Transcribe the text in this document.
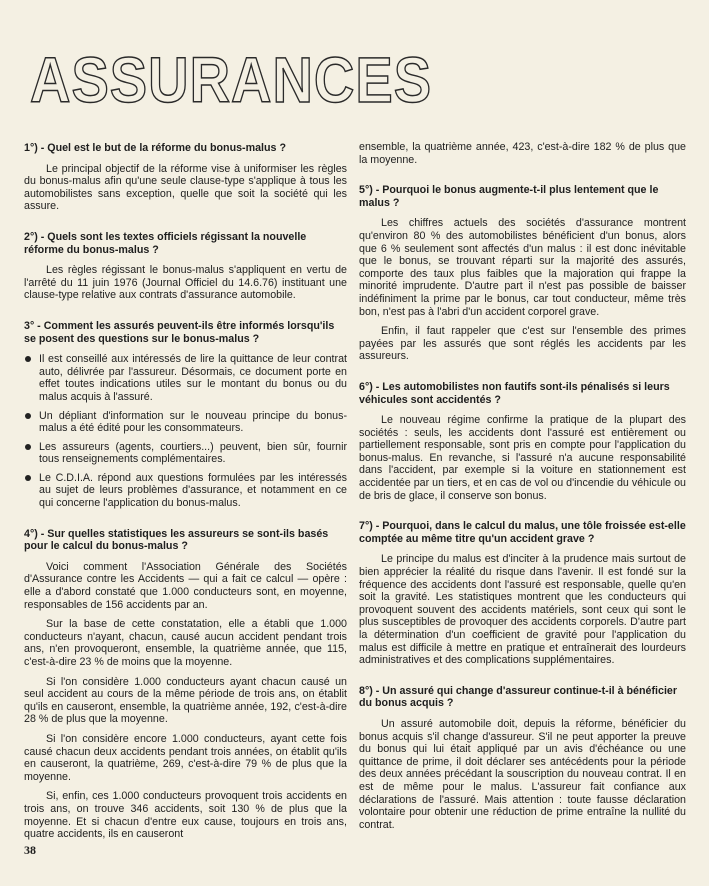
ASSURANCES
1°) - Quel est le but de la réforme du bonus-malus ?
Le principal objectif de la réforme vise à uniformiser les règles du bonus-malus afin qu'une seule clause-type s'applique à tous les automobilistes sans exception, quelle que soit la société qui les assure.
2°) - Quels sont les textes officiels régissant la nouvelle réforme du bonus-malus ?
Les règles régissant le bonus-malus s'appliquent en vertu de l'arrêté du 11 juin 1976 (Journal Officiel du 14.6.76) instituant une clause-type relative aux contrats d'assurance automobile.
3° - Comment les assurés peuvent-ils être informés lorsqu'ils se posent des questions sur le bonus-malus ?
Il est conseillé aux intéressés de lire la quittance de leur contrat auto, délivrée par l'assureur. Désormais, ce document porte en effet toutes indications utiles sur le montant du bonus ou du malus acquis à l'assuré.
Un dépliant d'information sur le nouveau principe du bonus-malus a été édité pour les consommateurs.
Les assureurs (agents, courtiers...) peuvent, bien sûr, fournir tous renseignements complémentaires.
Le C.D.I.A. répond aux questions formulées par les intéressés au sujet de leurs problèmes d'assurance, et notamment en ce qui concerne l'application du bonus-malus.
4°) - Sur quelles statistiques les assureurs se sont-ils basés pour le calcul du bonus-malus ?
Voici comment l'Association Générale des Sociétés d'Assurance contre les Accidents — qui a fait ce calcul — opère : elle a d'abord constaté que 1.000 conducteurs sont, en moyenne, responsables de 156 accidents par an.
Sur la base de cette constatation, elle a établi que 1.000 conducteurs n'ayant, chacun, causé aucun accident pendant trois ans, n'en provoqueront, ensemble, la quatrième année, que 115, c'est-à-dire 23 % de moins que la moyenne.
Si l'on considère 1.000 conducteurs ayant chacun causé un seul accident au cours de la même période de trois ans, on établit qu'ils en causeront, ensemble, la quatrième année, 192, c'est-à-dire 28 % de plus que la moyenne.
Si l'on considère encore 1.000 conducteurs, ayant cette fois causé chacun deux accidents pendant trois années, on établit qu'ils en causeront, la quatrième, 269, c'est-à-dire 79 % de plus que la moyenne.
Si, enfin, ces 1.000 conducteurs provoquent trois accidents en trois ans, on trouve 346 accidents, soit 130 % de plus que la moyenne. Et si chacun d'entre eux cause, toujours en trois ans, quatre accidents, ils en causeront
ensemble, la quatrième année, 423, c'est-à-dire 182 % de plus que la moyenne.
5°) - Pourquoi le bonus augmente-t-il plus lentement que le malus ?
Les chiffres actuels des sociétés d'assurance montrent qu'environ 80 % des automobilistes bénéficient d'un bonus, alors que 6 % seulement sont affectés d'un malus : il est donc inévitable que le bonus, se trouvant réparti sur la majorité des assurés, comporte des taux plus faibles que la majoration qui frappe la minorité imprudente. D'autre part il n'est pas possible de baisser indéfiniment la prime par le bonus, car tout conducteur, même très bon, n'est pas à l'abri d'un accident corporel grave.
Enfin, il faut rappeler que c'est sur l'ensemble des primes payées par les assurés que sont réglés les accidents par les assureurs.
6°) - Les automobilistes non fautifs sont-ils pénalisés si leurs véhicules sont accidentés ?
Le nouveau régime confirme la pratique de la plupart des sociétés : seuls, les accidents dont l'assuré est entièrement ou partiellement responsable, sont pris en compte pour l'application du bonus-malus. En revanche, si l'assuré n'a aucune responsabilité dans l'accident, par exemple si la voiture en stationnement est accidentée par un tiers, et en cas de vol ou d'incendie du véhicule ou de bris de glace, il conserve son bonus.
7°) - Pourquoi, dans le calcul du malus, une tôle froissée est-elle comptée au même titre qu'un accident grave ?
Le principe du malus est d'inciter à la prudence mais surtout de bien apprécier la réalité du risque dans l'avenir. Il est fondé sur la fréquence des accidents dont l'assuré est responsable, quelle qu'en soit la gravité. Les statistiques montrent que les conducteurs qui provoquent souvent des accidents matériels, sont ceux qui sont le plus susceptibles de provoquer des accidents corporels. D'autre part la détermination d'un coefficient de gravité pour l'application du malus est difficile à mettre en pratique et entraînerait des lourdeurs administratives et des complications supplémentaires.
8°) - Un assuré qui change d'assureur continue-t-il à bénéficier du bonus acquis ?
Un assuré automobile doit, depuis la réforme, bénéficier du bonus acquis s'il change d'assureur. S'il ne peut apporter la preuve du bonus qui lui était appliqué par un avis d'échéance ou une quittance de prime, il doit déclarer ses antécédents pour la période des deux années précédant la souscription du nouveau contrat. Il en est de même pour le malus. L'assureur fait confiance aux déclarations de l'assuré. Mais attention : toute fausse déclaration volontaire pour obtenir une réduction de prime entraîne la nullité du contrat.
38
